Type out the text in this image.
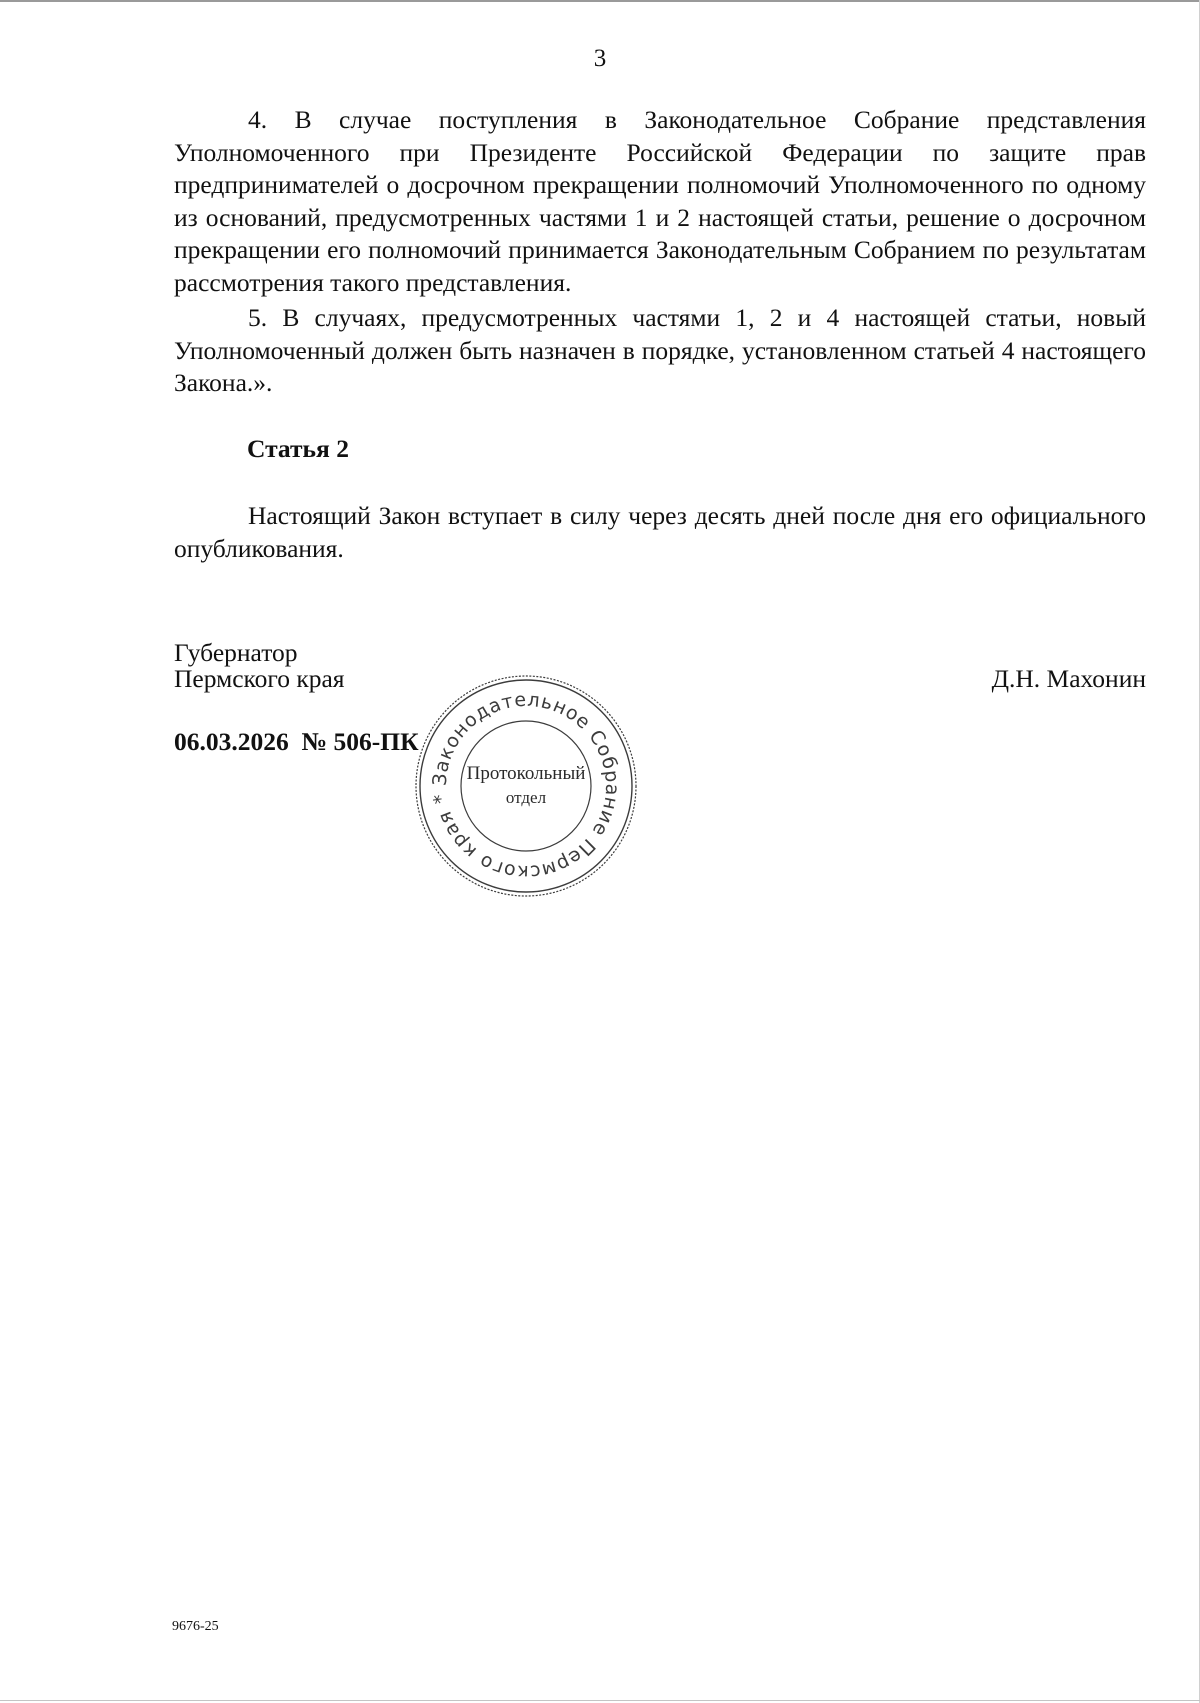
3

4. В случае поступления в Законодательное Собрание представления Уполномоченного при Президенте Российской Федерации по защите прав предпринимателей о досрочном прекращении полномочий Уполномоченного по одному из оснований, предусмотренных частями 1 и 2 настоящей статьи, решение о досрочном прекращении его полномочий принимается Законодательным Собранием по результатам рассмотрения такого представления.

5. В случаях, предусмотренных частями 1, 2 и 4 настоящей статьи, новый Уполномоченный должен быть назначен в порядке, установленном статьей 4 настоящего Закона.».

Статья 2

Настоящий Закон вступает в силу через десять дней после дня его официального опубликования.

Губернатор
Пермского края	Д.Н. Махонин
06.03.2026  № 506-ПК
Законодательное Собрание Пермского края *
Протокольный
отдел
9676-25
